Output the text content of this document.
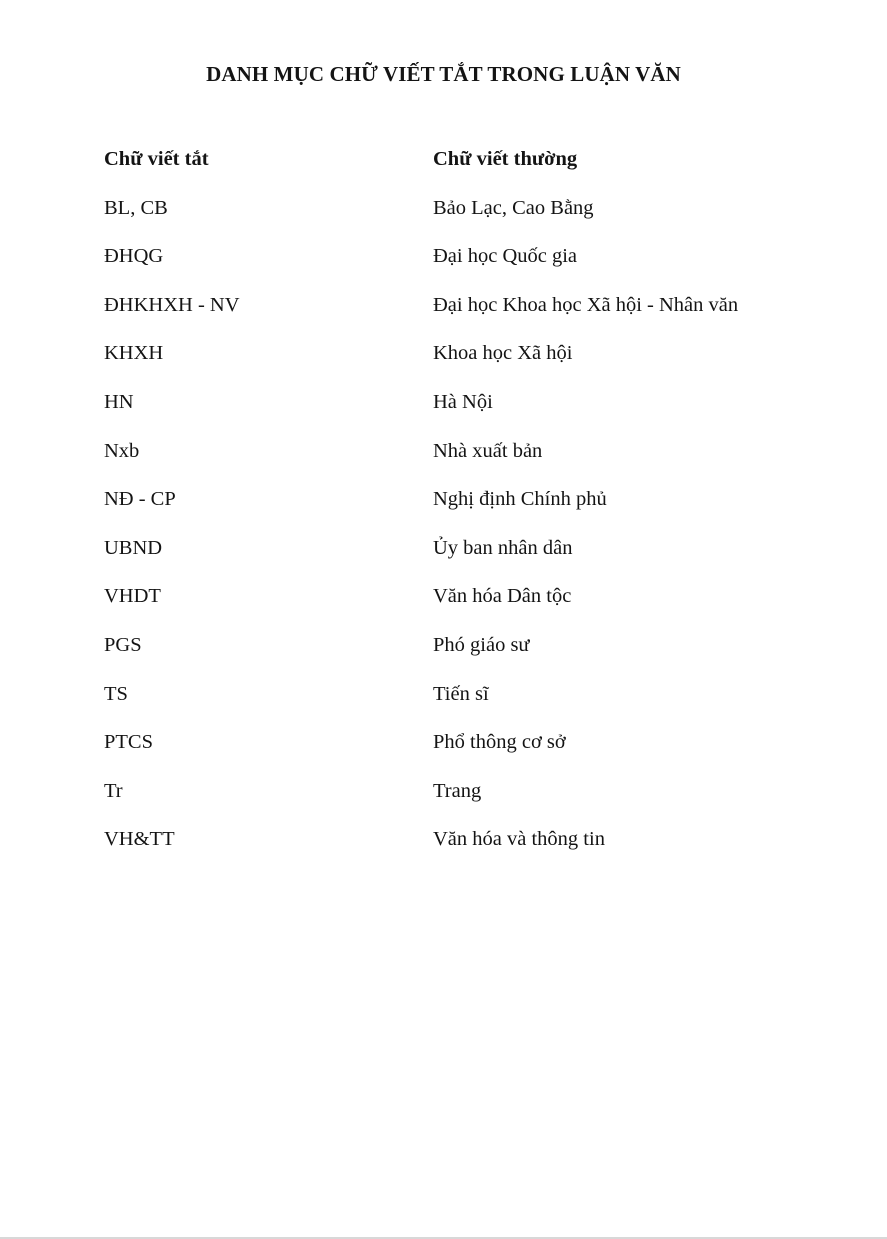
DANH MỤC CHỮ VIẾT TẮT TRONG LUẬN VĂN
Chữ viết tắt	Chữ viết thường
BL, CB	Bảo Lạc, Cao Bằng
ĐHQG	Đại học Quốc gia
ĐHKHXH - NV	Đại học Khoa học Xã hội - Nhân văn
KHXH	Khoa học Xã hội
HN	Hà Nội
Nxb	Nhà xuất bản
NĐ - CP	Nghị định Chính phủ
UBND	Ủy ban nhân dân
VHDT	Văn hóa Dân tộc
PGS	Phó giáo sư
TS	Tiến sĩ
PTCS	Phổ thông cơ sở
Tr	Trang
VH&TT	Văn hóa và thông tin
